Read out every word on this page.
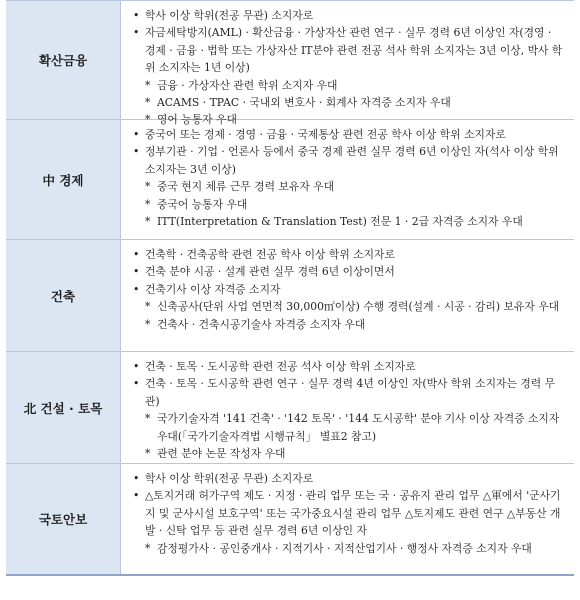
확산금융
• 학사 이상 학위(전공 무관) 소지자로
• 자금세탁방지(AML) · 확산금융 · 가상자산 관련 연구 · 실무 경력 6년 이상인 자(경영 · 경제 · 금융 · 법학 또는 가상자산 IT분야 관련 전공 석사 학위 소지자는 3년 이상, 박사 학위 소지자는 1년 이상)
* 금융 · 가상자산 관련 학위 소지자 우대
* ACAMS · TPAC · 국내외 변호사 · 회계사 자격증 소지자 우대
* 영어 능통자 우대
中 경제
• 중국어 또는 경제 · 경영 · 금융 · 국제통상 관련 전공 학사 이상 학위 소지자로
• 정부기관 · 기업 · 언론사 등에서 중국 경제 관련 실무 경력 6년 이상인 자(석사 이상 학위 소지자는 3년 이상)
* 중국 현지 체류 근무 경력 보유자 우대
* 중국어 능통자 우대
* ITT(Interpretation & Translation Test) 전문 1 · 2급 자격증 소지자 우대
건축
• 건축학 · 건축공학 관련 전공 학사 이상 학위 소지자로
• 건축 분야 시공 · 설계 관련 실무 경력 6년 이상이면서
• 건축기사 이상 자격증 소지자
* 신축공사(단위 사업 연면적 30,000㎡이상) 수행 경력(설계 · 시공 · 감리) 보유자 우대
* 건축사 · 건축시공기술사 자격증 소지자 우대
北 건설 · 토목
• 건축 · 토목 · 도시공학 관련 전공 석사 이상 학위 소지자로
• 건축 · 토목 · 도시공학 관련 연구 · 실무 경력 4년 이상인 자(박사 학위 소지자는 경력 무관)
* 국가기술자격 '141 건축' · '142 토목' · '144 도시공학' 분야 기사 이상 자격증 소지자 우대(「국가기술자격법 시행규칙」 별표2 참고)
* 관련 분야 논문 작성자 우대
국토안보
• 학사 이상 학위(전공 무관) 소지자로
• △토지거래 허가구역 제도 · 지정 · 관리 업무 또는 국 · 공유지 관리 업무 △軍에서 '군사기지 및 군사시설 보호구역' 또는 국가중요시설 관리 업무 △토지제도 관련 연구 △부동산 개발 · 신탁 업무 등 관련 실무 경력 6년 이상인 자
* 감정평가사 · 공인중개사 · 지적기사 · 지적산업기사 · 행정사 자격증 소지자 우대
